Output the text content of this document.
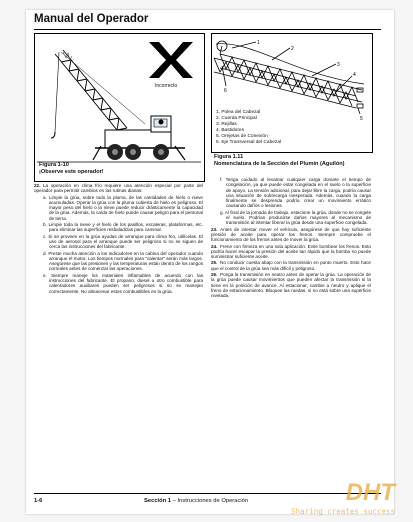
Manual del Operador
Incorrecto
Figura 1-10
¡Observe este operador!
1
2
3
4
5
6
1. Polea del Cabezal
2. Cuerda Principal
3. Rejillas
4. Bastidores
5. Orejetas de Conexión
6. Eje Transversal del Cabezal
Figura 1.11
Nomenclatura de la Sección del Plumín (Aguilón)

22. La operación en clima frío requiere una atención especial por parte del operador para permitir cambios en las rutinas diarias:

a. Limpie la grúa, sobre todo la pluma, de las cantidades de hielo o nieve acumuladas. Operar la grúa con la pluma cubierta de hielo es peligroso. El mayor peso del hielo o la nieve puede reducir drásticamente la capacidad de la grúa. Además, la caída de hielo puede causar peligro para el personal de tierra.

b. Limpie toda la nieve y el hielo de los pasillos, escaleras, plataformas, etc. para eliminar las superficies resbaladizas para caminar.

c. Si se proveen en la grúa ayudas de arranque para clima frío, utilícelas. El uso de aerosol para el arranque puede ser peligroso si no se siguen de cerca las instrucciones del fabricante.

d. Preste mucha atención a los indicadores en la cabina del operador cuando arranque el motor. Los tiempos normales para "calentar" serán más largos. Asegúrese que las presiones y las temperaturas están dentro de los rangos normales antes de comenzar las operaciones.

e. Siempre maneje los materiales inflamables de acuerdo con las instrucciones del fabricante. El propano, diesel u otro combustible para calentadores auxiliares pueden ser peligrosos si no se manejan correctamente. No almacenar estos combustibles en la grúa.

f. Tenga cuidado al levantar cualquier carga durante el tiempo de congelación, ya que puede estar congelada en el suelo o la superficie de apoyo. La tensión adicional, para dejar libre la carga, podría causar una situación de sobrecarga inesperada. Además, cuando la carga finalmente se desprenda podría crear un movimiento errático causando daños o lesiones.

g. Al final de la jornada de trabajo, estacione la grúa, donde no se congele el suelo. Podrían producirse daños mayores al mecanismo de transmisión al intentar liberar la grúa desde una superficie congelada.

23. Antes de intentar mover el vehículo, asegúrese de que hay suficiente presión de aceite para operar los frenos. Siempre compruebe el funcionamiento de los frenos antes de mover la grúa.

24. Frene con firmeza en una sola aplicación. Evite bombear los frenos. Esto podría hacer escapar la presión del aceite tan rápido que la bomba no puede suministrar suficiente aceite.

25. No conducir cuesta abajo con la transmisión en punto muerto. Esto hace que el control de la grúa sea más difícil y peligroso.

26. Ponga la transmisión en neutro antes de operar la grúa. La operación de la grúa puede causar movimientos que pueden afectar la transmisión si la tiene en la posición de avance. Al estacionar, cambie a neutro y aplique el freno de estacionamiento. Bloquee las ruedas, si no está sobre una superficie nivelada.

1-6	Sección 1 – Instrucciones de Operación	DHT
Sharing creates success
